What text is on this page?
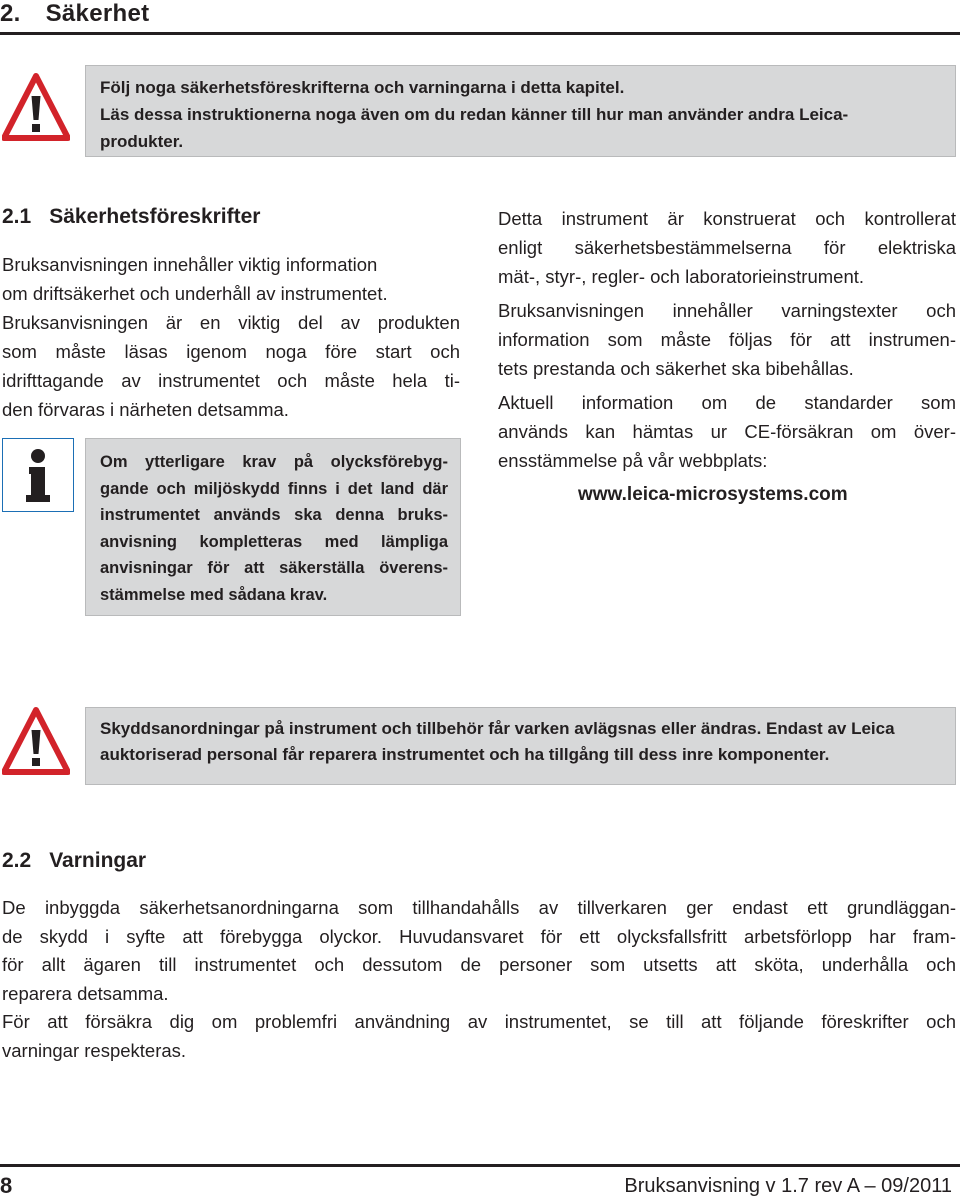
2. Säkerhet
Följ noga säkerhetsföreskrifterna och varningarna i detta kapitel.
Läs dessa instruktionerna noga även om du redan känner till hur man använder andra Leica-
produkter.
2.1 Säkerhetsföreskrifter
Bruksanvisningen innehåller viktig information
om driftsäkerhet och underhåll av instrumentet.
Bruksanvisningen är en viktig del av produkten
som måste läsas igenom noga före start och
idrifttagande av instrumentet och måste hela ti-
den förvaras i närheten detsamma.
Om ytterligare krav på olycksförebyg-
gande och miljöskydd finns i det land där
instrumentet används ska denna bruks-
anvisning kompletteras med lämpliga
anvisningar för att säkerställa överens-
stämmelse med sådana krav.
Detta instrument är konstruerat och kontrollerat
enligt säkerhetsbestämmelserna för elektriska
mät-, styr-, regler- och laboratorieinstrument.
Bruksanvisningen innehåller varningstexter och
information som måste följas för att instrumen-
tets prestanda och säkerhet ska bibehållas.
Aktuell information om de standarder som
används kan hämtas ur CE-försäkran om över-
ensstämmelse på vår webbplats:
www.leica-microsystems.com
Skyddsanordningar på instrument och tillbehör får varken avlägsnas eller ändras. Endast av Leica
auktoriserad personal får reparera instrumentet och ha tillgång till dess inre komponenter.
2.2 Varningar
De inbyggda säkerhetsanordningarna som tillhandahålls av tillverkaren ger endast ett grundläggan-
de skydd i syfte att förebygga olyckor. Huvudansvaret för ett olycksfallsfritt arbetsförlopp har fram-
för allt ägaren till instrumentet och dessutom de personer som utsetts att sköta, underhålla och
reparera detsamma.
För att försäkra dig om problemfri användning av instrumentet, se till att följande föreskrifter och
varningar respekteras.
8	Bruksanvisning v 1.7 rev A – 09/2011
